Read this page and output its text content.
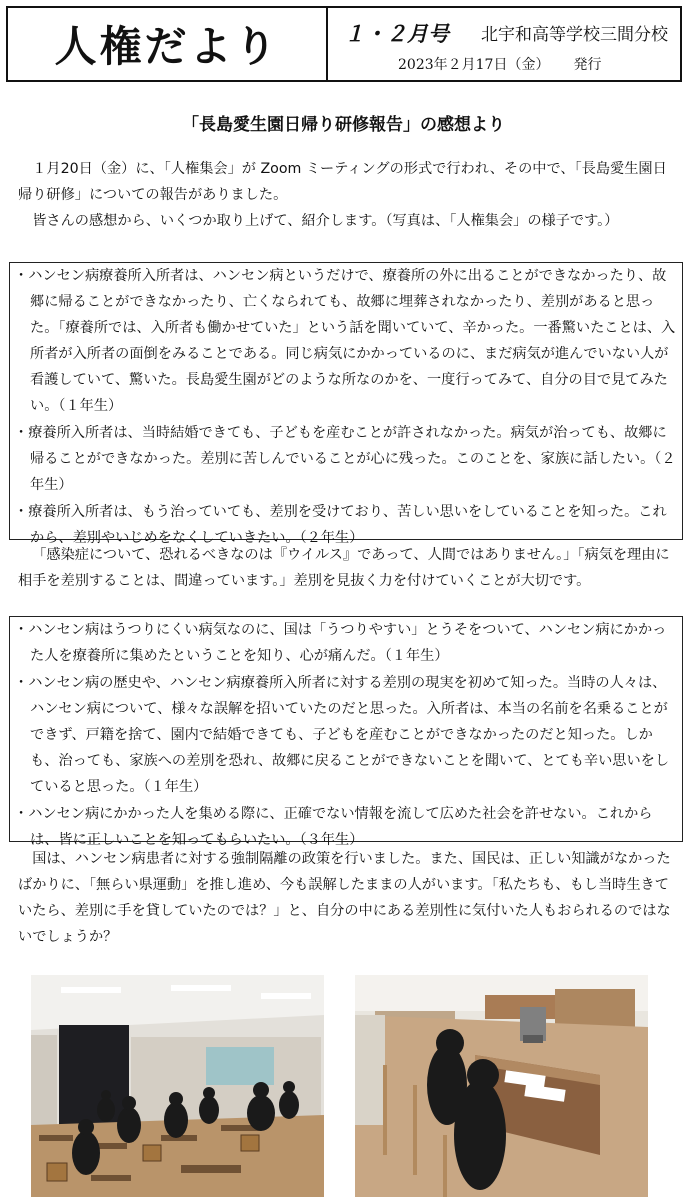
人権だより	１・２月号 北宇和高等学校三間分校
2023年２月17日（金） 発行
「長島愛生園日帰り研修報告」の感想より

１月20日（金）に、「人権集会」が Zoom ミーティングの形式で行われ、その中で、「長島愛生園日帰り研修」についての報告がありました。

皆さんの感想から、いくつか取り上げて、紹介します。（写真は、「人権集会」の様子です。）

・ハンセン病療養所入所者は、ハンセン病というだけで、療養所の外に出ることができなかったり、故郷に帰ることができなかったり、亡くなられても、故郷に埋葬されなかったり、差別があると思った。「療養所では、入所者も働かせていた」という話を聞いていて、辛かった。一番驚いたことは、入所者が入所者の面倒をみることである。同じ病気にかかっているのに、まだ病気が進んでいない人が看護していて、驚いた。長島愛生園がどのような所なのかを、一度行ってみて、自分の目で見てみたい。（１年生）
・療養所入所者は、当時結婚できても、子どもを産むことが許されなかった。病気が治っても、故郷に帰ることができなかった。差別に苦しんでいることが心に残った。このことを、家族に話したい。（２年生）
・療養所入所者は、もう治っていても、差別を受けており、苦しい思いをしていることを知った。これから、差別やいじめをなくしていきたい。（２年生）

「感染症について、恐れるべきなのは『ウイルス』であって、人間ではありません。」「病気を理由に相手を差別することは、間違っています。」差別を見抜く力を付けていくことが大切です。

・ハンセン病はうつりにくい病気なのに、国は「うつりやすい」とうそをついて、ハンセン病にかかった人を療養所に集めたということを知り、心が痛んだ。（１年生）
・ハンセン病の歴史や、ハンセン病療養所入所者に対する差別の現実を初めて知った。当時の人々は、ハンセン病について、様々な誤解を招いていたのだと思った。入所者は、本当の名前を名乗ることができず、戸籍を捨て、園内で結婚できても、子どもを産むことができなかったのだと知った。しかも、治っても、家族への差別を恐れ、故郷に戻ることができないことを聞いて、とても辛い思いをしていると思った。（１年生）
・ハンセン病にかかった人を集める際に、正確でない情報を流して広めた社会を許せない。これからは、皆に正しいことを知ってもらいたい。（３年生）

国は、ハンセン病患者に対する強制隔離の政策を行いました。また、国民は、正しい知識がなかったばかりに、「無らい県運動」を推し進め、今も誤解したままの人がいます。「私たちも、もし当時生きていたら、差別に手を貸していたのでは？」と、自分の中にある差別性に気付いた人もおられるのではないでしょうか？
